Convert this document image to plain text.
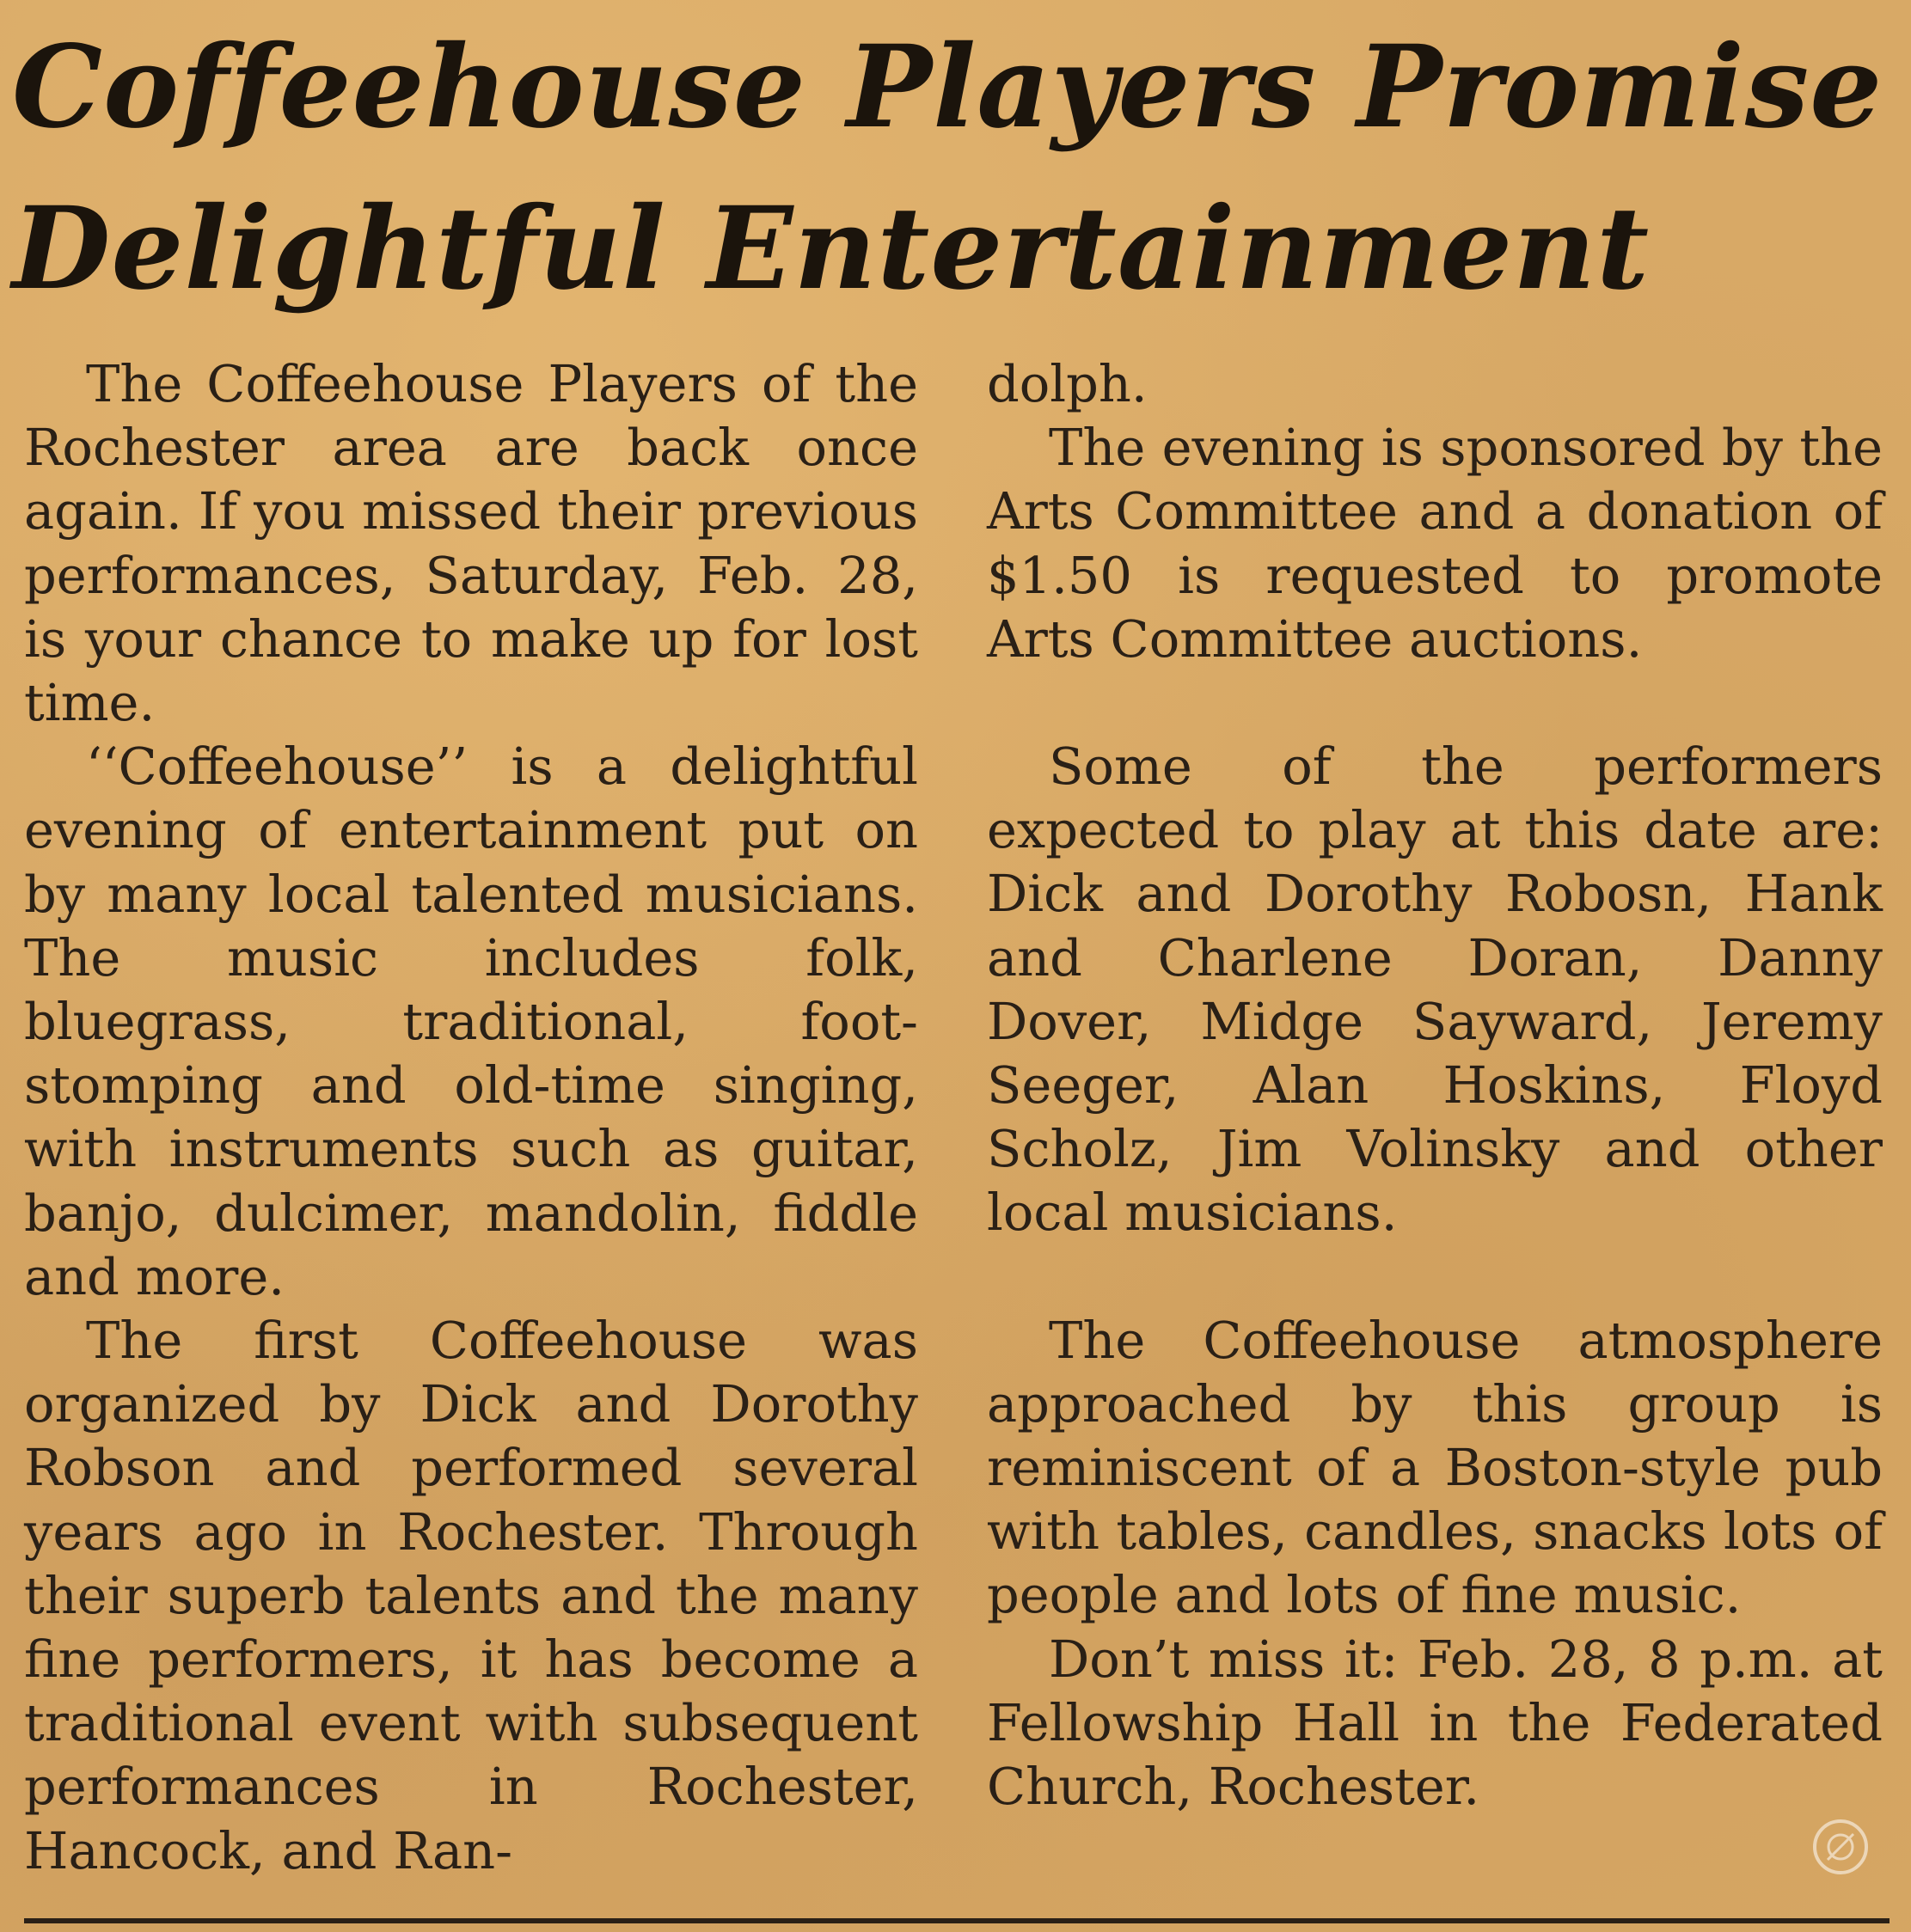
Coffeehouse Players Promise
Delightful Entertainment

The Coffeehouse Players of the Rochester area are back once again. If you missed their previous performances, Saturday, Feb. 28, is your chance to make up for lost time.

‘‘Coffeehouse’’ is a delightful evening of entertainment put on by many local talented musicians. The music includes folk, bluegrass, traditional, foot-stomping and old-time singing, with instruments such as guitar, banjo, dulcimer, mandolin, fiddle and more.

The first Coffeehouse was organized by Dick and Dorothy Robson and performed several years ago in Rochester. Through their superb talents and the many fine performers, it has become a traditional event with subsequent performances in Rochester, Hancock, and Ran-

dolph.

The evening is sponsored by the Arts Committee and a donation of $1.50 is requested to promote Arts Committee auctions.

Some of the performers expected to play at this date are: Dick and Dorothy Robosn, Hank and Charlene Doran, Danny Dover, Midge Sayward, Jeremy Seeger, Alan Hoskins, Floyd Scholz, Jim Volinsky and other local musicians.

The Coffeehouse atmosphere approached by this group is reminiscent of a Boston-style pub with tables, candles, snacks lots of people and lots of fine music.

Don’t miss it: Feb. 28, 8 p.m. at Fellowship Hall in the Federated Church, Rochester.
